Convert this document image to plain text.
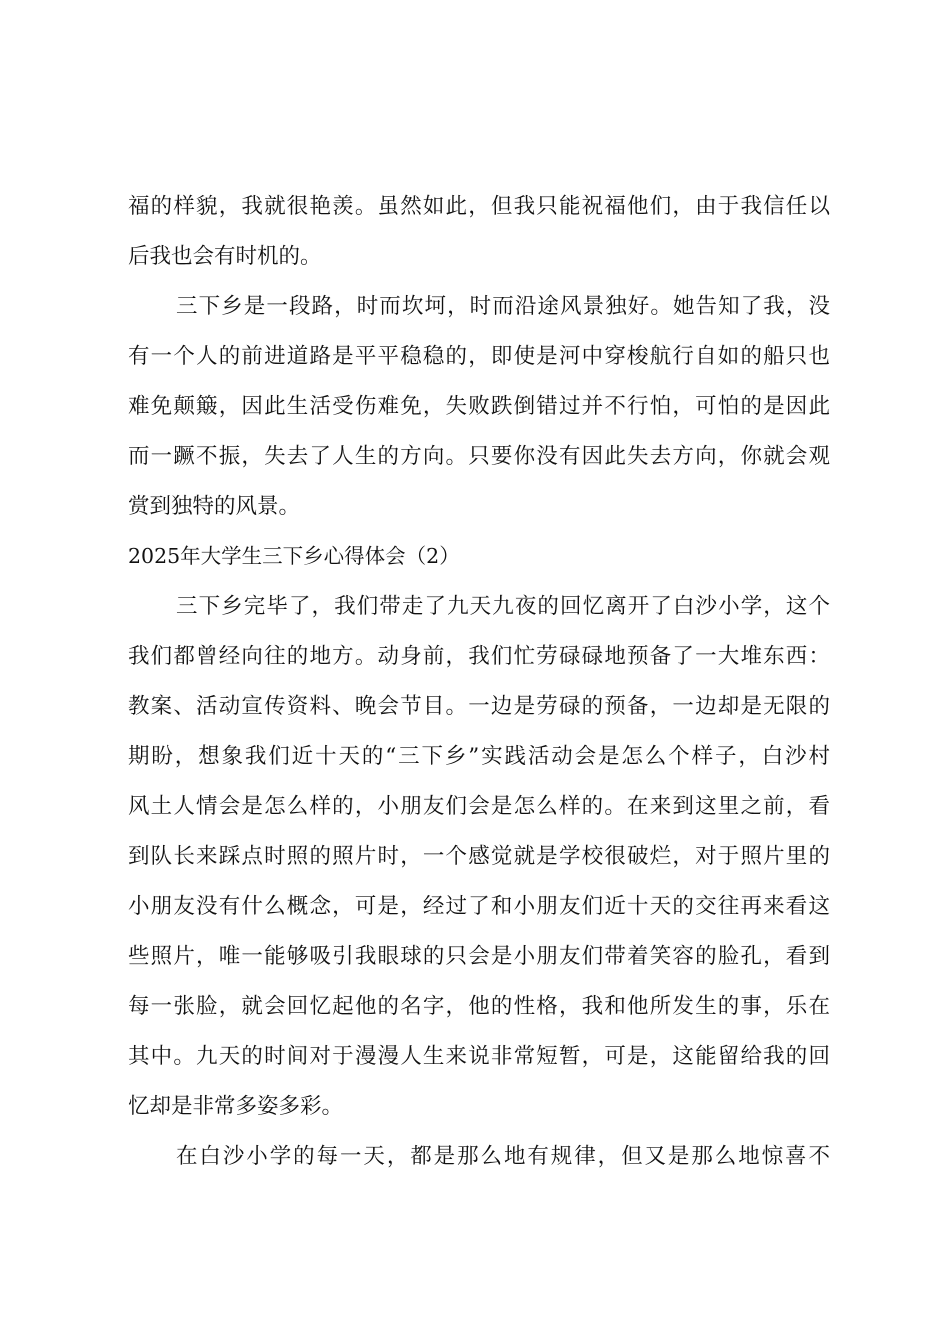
福的样貌，我就很艳羡。虽然如此，但我只能祝福他们，由于我信任以
后我也会有时机的。
三下乡是一段路，时而坎坷，时而沿途风景独好。她告知了我，没
有一个人的前进道路是平平稳稳的，即使是河中穿梭航行自如的船只也
难免颠簸，因此生活受伤难免，失败跌倒错过并不行怕，可怕的是因此
而一蹶不振，失去了人生的方向。只要你没有因此失去方向，你就会观
赏到独特的风景。
2025年大学生三下乡心得体会（2）
三下乡完毕了，我们带走了九天九夜的回忆离开了白沙小学，这个
我们都曾经向往的地方。动身前，我们忙劳碌碌地预备了一大堆东西：
教案、活动宣传资料、晚会节目。一边是劳碌的预备，一边却是无限的
期盼，想象我们近十天的“三下乡”实践活动会是怎么个样子，白沙村
风土人情会是怎么样的，小朋友们会是怎么样的。在来到这里之前，看
到队长来踩点时照的照片时，一个感觉就是学校很破烂，对于照片里的
小朋友没有什么概念，可是，经过了和小朋友们近十天的交往再来看这
些照片，唯一能够吸引我眼球的只会是小朋友们带着笑容的脸孔，看到
每一张脸，就会回忆起他的名字，他的性格，我和他所发生的事，乐在
其中。九天的时间对于漫漫人生来说非常短暂，可是，这能留给我的回
忆却是非常多姿多彩。
在白沙小学的每一天，都是那么地有规律，但又是那么地惊喜不
